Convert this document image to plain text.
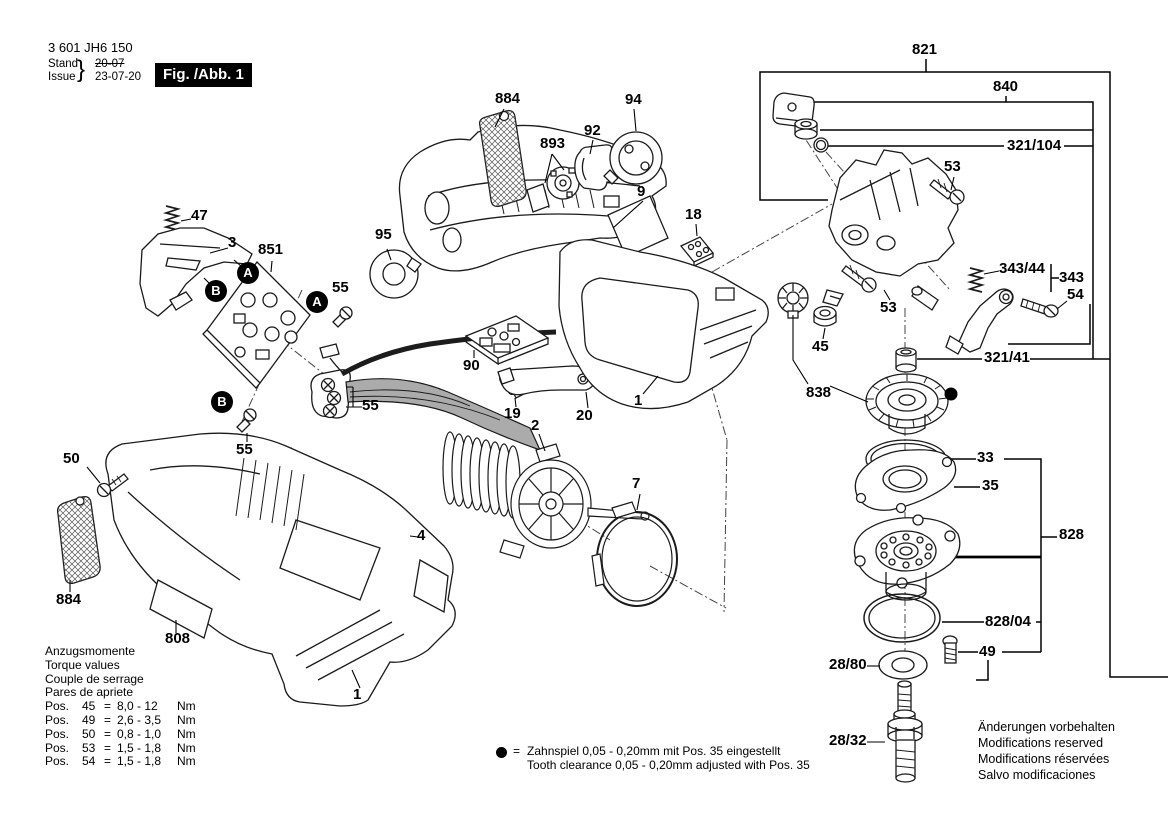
3 601 JH6 150
Stand
Issue } 20-07
23-07-20	Fig. /Abb. 1
821
840
321/104
53
53
343/44
343
54
45
838
321/41
33
35
828
828/04
49
28/80
28/32
884	94
92
893
9
18
95
47
3 851
55
55
55
90
19
2
20
1
7
4
50
884
808
1
A
B
A
B
Anzugsmomente
Torque values
Couple de serrage
Pares de apriete
Pos.	45 = 8,0 - 12	Nm
Pos.	49 = 2,6 - 3,5	Nm
Pos.	50 = 0,8 - 1,0	Nm
Pos.	53 = 1,5 - 1,8	Nm
Pos.	54 = 1,5 - 1,8	Nm
= Zahnspiel 0,05 - 0,20mm mit Pos. 35 eingestellt
Tooth clearance 0,05 - 0,20mm adjusted with Pos. 35
Änderungen vorbehalten
Modifications reserved
Modifications réservées
Salvo modificaciones
